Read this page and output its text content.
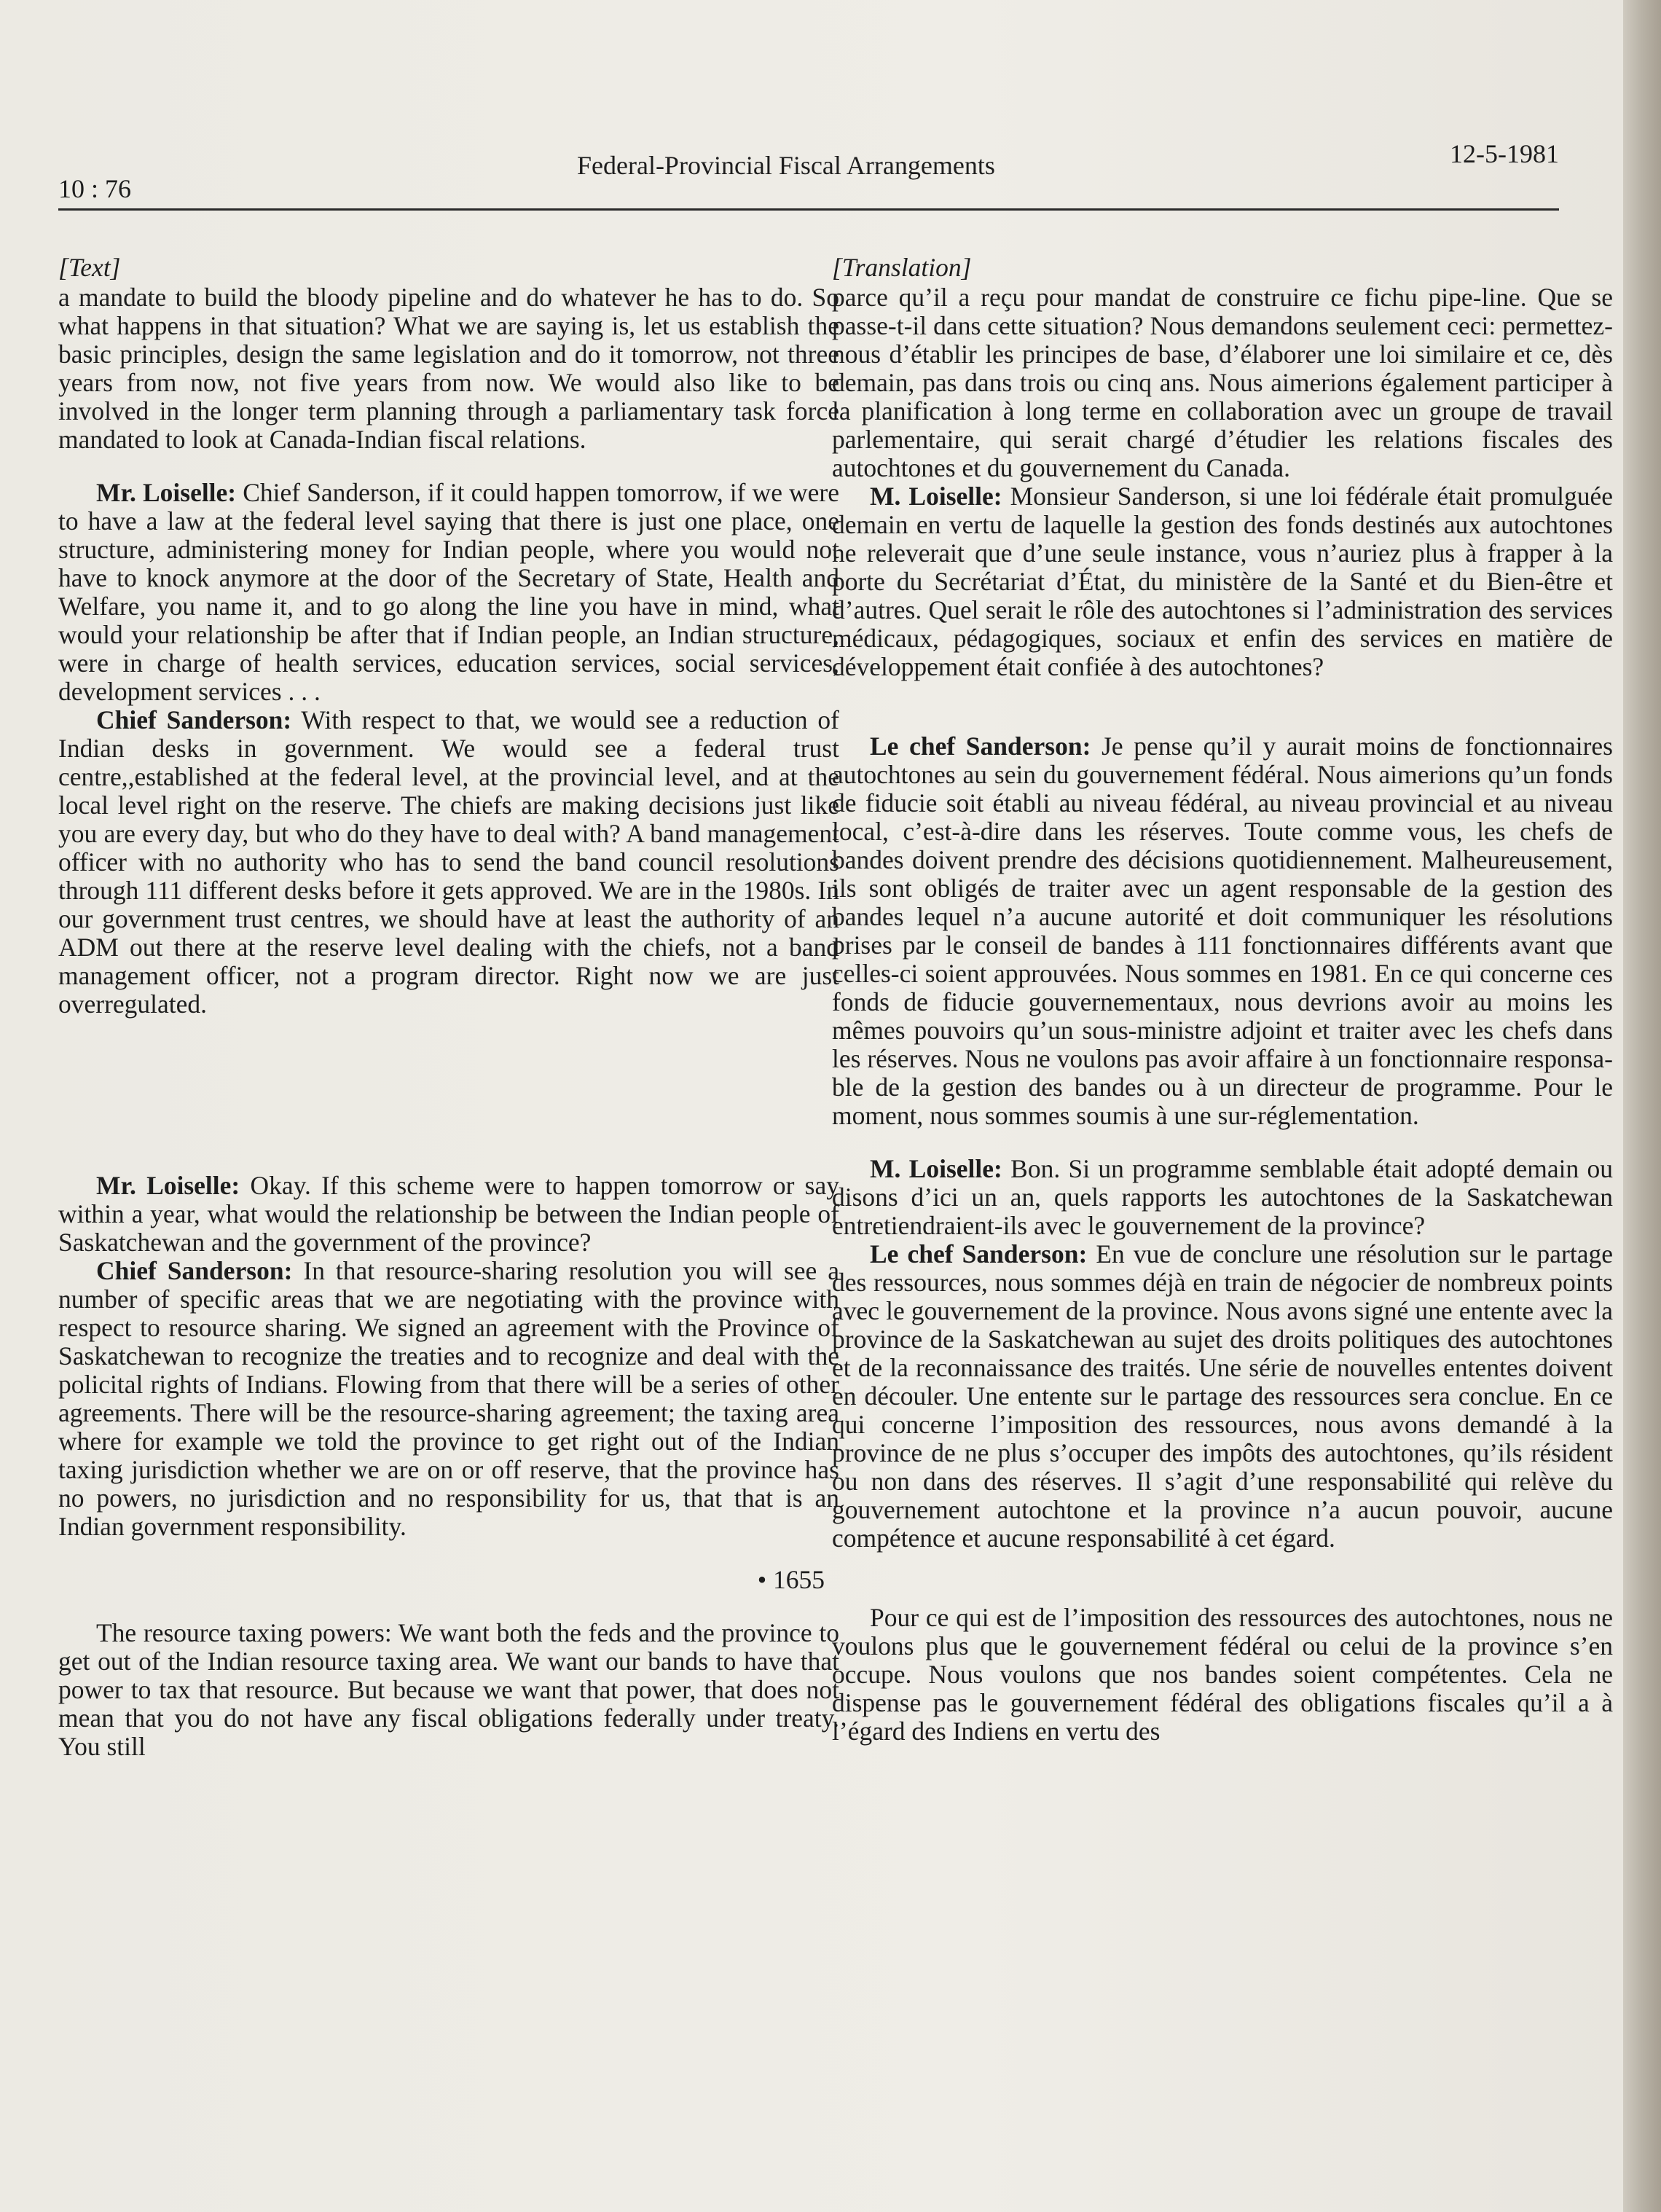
10 : 76
Federal-Provincial Fiscal Arrangements	12-5-1981
[Text]

a mandate to build the bloody pipeline and do whatever he has to do. So what happens in that situation? What we are saying is, let us establish the basic principles, design the same legislation and do it tomorrow, not three years from now, not five years from now. We would also like to be involved in the longer term planning through a parliamentary task force mandated to look at Canada-Indian fiscal relations.

Mr. Loiselle: Chief Sanderson, if it could happen tomorrow, if we were to have a law at the federal level saying that there is just one place, one structure, administering money for Indian people, where you would not have to knock anymore at the door of the Secretary of State, Health and Welfare, you name it, and to go along the line you have in mind, what would your relationship be after that if Indian people, an Indian structure, were in charge of health services, education services, social services, development services . . .

Chief Sanderson: With respect to that, we would see a reduction of Indian desks in government. We would see a federal trust centre,,established at the federal level, at the provincial level, and at the local level right on the reserve. The chiefs are making decisions just like you are every day, but who do they have to deal with? A band management officer with no authority who has to send the band council resolutions through 111 different desks before it gets approved. We are in the 1980s. In our government trust centres, we should have at least the authority of an ADM out there at the reserve level dealing with the chiefs, not a band management officer, not a program director. Right now we are just overregulated.

Mr. Loiselle: Okay. If this scheme were to happen tomorrow or say within a year, what would the relationship be between the Indian people of Saskatchewan and the government of the province?

Chief Sanderson: In that resource-sharing resolution you will see a number of specific areas that we are negotiating with the province with respect to resource sharing. We signed an agreement with the Province of Saskatchewan to recognize the treaties and to recognize and deal with the policital rights of Indians. Flowing from that there will be a series of other agreements. There will be the resource-sharing agreement; the taxing area where for example we told the province to get right out of the Indian taxing jurisdiction whether we are on or off reserve, that the province has no powers, no jurisdiction and no responsibility for us, that that is an Indian government responsibility.

• 1655

The resource taxing powers: We want both the feds and the province to get out of the Indian resource taxing area. We want our bands to have that power to tax that resource. But because we want that power, that does not mean that you do not have any fiscal obligations federally under treaty. You still

[Translation]

parce qu’il a reçu pour mandat de construire ce fichu pipe-line. Que se passe-t-il dans cette situation? Nous demandons seulement ceci: permettez-nous d’établir les principes de base, d’élaborer une loi similaire et ce, dès demain, pas dans trois ou cinq ans. Nous aimerions également participer à la planification à long terme en collaboration avec un groupe de travail parlementaire, qui serait chargé d’étudier les relations fiscales des autochtones et du gouvernement du Canada.

M. Loiselle: Monsieur Sanderson, si une loi fédérale était promulguée demain en vertu de laquelle la gestion des fonds destinés aux autochtones ne releverait que d’une seule instance, vous n’auriez plus à frapper à la porte du Secrétariat d’État, du ministère de la Santé et du Bien-être et d’autres. Quel serait le rôle des autochtones si l’administration des services médicaux, pédagogiques, sociaux et enfin des services en matière de développement était confiée à des autochtones?

Le chef Sanderson: Je pense qu’il y aurait moins de fonctionnaires autochtones au sein du gouvernement fédéral. Nous aimerions qu’un fonds de fiducie soit établi au niveau fédéral, au niveau provincial et au niveau local, c’est-à-dire dans les réserves. Toute comme vous, les chefs de bandes doivent prendre des décisions quotidiennement. Malheureusement, ils sont obligés de traiter avec un agent responsable de la gestion des bandes lequel n’a aucune autorité et doit communiquer les résolutions prises par le conseil de bandes à 111 fonctionnaires différents avant que celles-ci soient approuvées. Nous sommes en 1981. En ce qui concerne ces fonds de fiducie gouvernementaux, nous devrions avoir au moins les mêmes pouvoirs qu’un sous-ministre adjoint et traiter avec les chefs dans les réserves. Nous ne voulons pas avoir affaire à un fonctionnaire responsable de la gestion des bandes ou à un directeur de programme. Pour le moment, nous sommes soumis à une sur-réglementation.

M. Loiselle: Bon. Si un programme semblable était adopté demain ou disons d’ici un an, quels rapports les autochtones de la Saskatchewan entretiendraient-ils avec le gouvernement de la province?

Le chef Sanderson: En vue de conclure une résolution sur le partage des ressources, nous sommes déjà en train de négocier de nombreux points avec le gouvernement de la province. Nous avons signé une entente avec la province de la Saskatchewan au sujet des droits politiques des autochtones et de la reconnaissance des traités. Une série de nouvelles ententes doivent en découler. Une entente sur le partage des ressources sera conclue. En ce qui concerne l’imposition des ressources, nous avons demandé à la province de ne plus s’occuper des impôts des autochtones, qu’ils résident ou non dans des réserves. Il s’agit d’une responsabilité qui relève du gouvernement autochtone et la province n’a aucun pouvoir, aucune compétence et aucune responsabilité à cet égard.

Pour ce qui est de l’imposition des ressources des autochtones, nous ne voulons plus que le gouvernement fédéral ou celui de la province s’en occupe. Nous voulons que nos bandes soient compétentes. Cela ne dispense pas le gouvernement fédéral des obligations fiscales qu’il a à l’égard des Indiens en vertu des
